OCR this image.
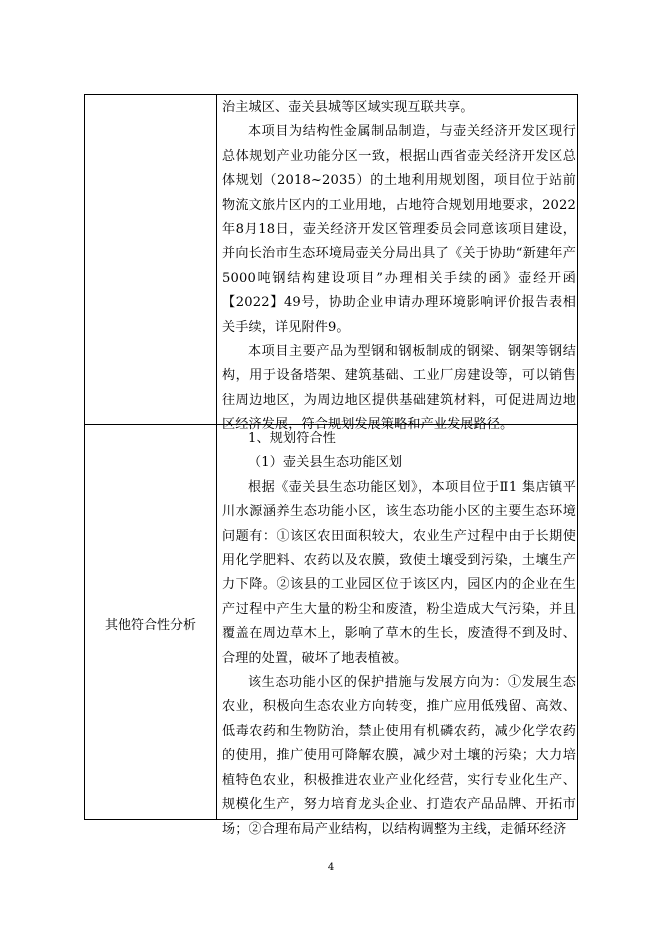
治主城区、壶关县城等区域实现互联共享。

本项目为结构性金属制品制造，与壶关经济开发区现行总体规划产业功能分区一致，根据山西省壶关经济开发区总体规划（2018~2035）的土地利用规划图，项目位于站前物流文旅片区内的工业用地，占地符合规划用地要求，2022年8月18日，壶关经济开发区管理委员会同意该项目建设，并向长治市生态环境局壶关分局出具了《关于协助“新建年产5000吨钢结构建设项目”办理相关手续的函》壶经开函【2022】49号，协助企业申请办理环境影响评价报告表相关手续，详见附件9。

本项目主要产品为型钢和钢板制成的钢梁、钢架等钢结构，用于设备塔架、建筑基础、工业厂房建设等，可以销售往周边地区，为周边地区提供基础建筑材料，可促进周边地区经济发展，符合规划发展策略和产业发展路径。

其他符合性分析

1、规划符合性

（1）壶关县生态功能区划

根据《壶关县生态功能区划》，本项目位于Ⅱ1 集店镇平川水源涵养生态功能小区，该生态功能小区的主要生态环境问题有：①该区农田面积较大，农业生产过程中由于长期使用化学肥料、农药以及农膜，致使土壤受到污染，土壤生产力下降。②该县的工业园区位于该区内，园区内的企业在生产过程中产生大量的粉尘和废渣，粉尘造成大气污染，并且覆盖在周边草木上，影响了草木的生长，废渣得不到及时、合理的处置，破坏了地表植被。

该生态功能小区的保护措施与发展方向为：①发展生态农业，积极向生态农业方向转变，推广应用低残留、高效、低毒农药和生物防治，禁止使用有机磷农药，减少化学农药的使用，推广使用可降解农膜，减少对土壤的污染；大力培植特色农业，积极推进农业产业化经营，实行专业化生产、规模化生产，努力培育龙头企业、打造农产品品牌、开拓市场；②合理布局产业结构，以结构调整为主线，走循环经济

4
